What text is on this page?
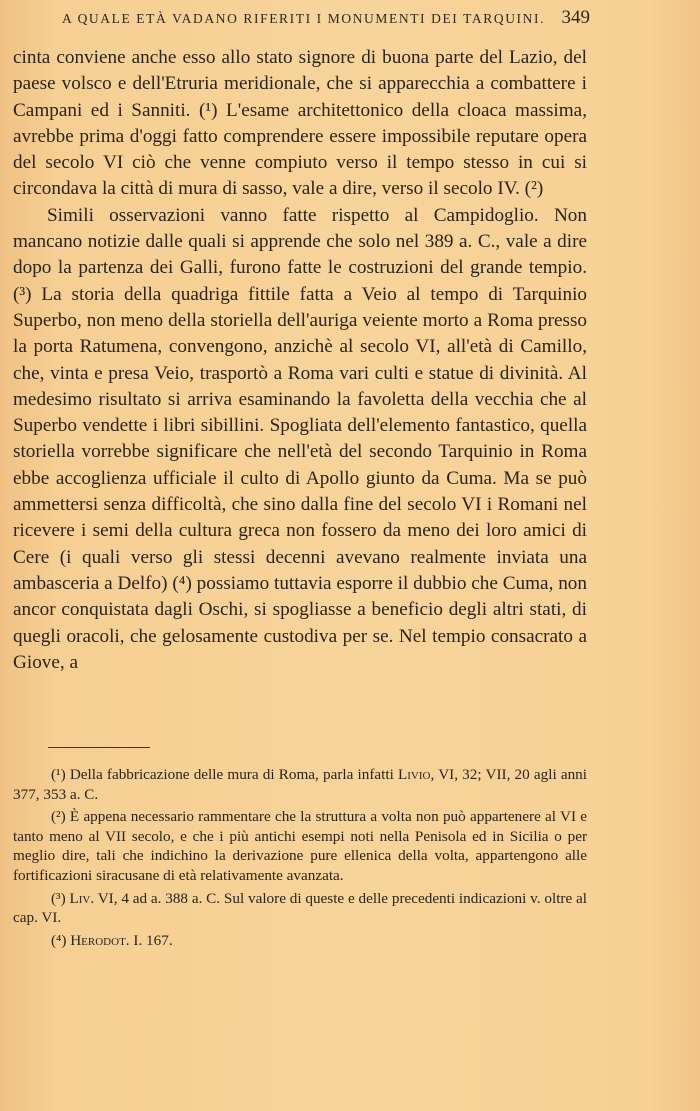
A QUALE ETÀ VADANO RIFERITI I MONUMENTI DEI TARQUINI. 349

cinta conviene anche esso allo stato signore di buona parte del Lazio, del paese volsco e dell'Etruria meridionale, che si apparecchia a combattere i Campani ed i Sanniti. (¹) L'esame architettonico della cloaca massima, avrebbe prima d'oggi fatto comprendere essere impossibile reputare opera del secolo VI ciò che venne compiuto verso il tempo stesso in cui si circondava la città di mura di sasso, vale a dire, verso il secolo IV. (²)

Simili osservazioni vanno fatte rispetto al Campidoglio. Non mancano notizie dalle quali si apprende che solo nel 389 a. C., vale a dire dopo la partenza dei Galli, furono fatte le costruzioni del grande tempio. (³) La storia della quadriga fittile fatta a Veio al tempo di Tarquinio Superbo, non meno della storiella dell'auriga veiente morto a Roma presso la porta Ratumena, convengono, anzichè al secolo VI, all'età di Camillo, che, vinta e presa Veio, trasportò a Roma vari culti e statue di divinità. Al medesimo risultato si arriva esaminando la favoletta della vecchia che al Superbo vendette i libri sibillini. Spogliata dell'elemento fantastico, quella storiella vorrebbe significare che nell'età del secondo Tarquinio in Roma ebbe accoglienza ufficiale il culto di Apollo giunto da Cuma. Ma se può ammettersi senza difficoltà, che sino dalla fine del secolo VI i Romani nel ricevere i semi della cultura greca non fossero da meno dei loro amici di Cere (i quali verso gli stessi decenni avevano realmente inviata una ambasceria a Delfo) (⁴) possiamo tuttavia esporre il dubbio che Cuma, non ancor conquistata dagli Oschi, si spogliasse a beneficio degli altri stati, di quegli oracoli, che gelosamente custodiva per se. Nel tempio consacrato a Giove, a

(¹) Della fabbricazione delle mura di Roma, parla infatti Livio, VI, 32; VII, 20 agli anni 377, 353 a. C.

(²) È appena necessario rammentare che la struttura a volta non può appartenere al VI e tanto meno al VII secolo, e che i più antichi esempi noti nella Penisola ed in Sicilia o per meglio dire, tali che indichino la derivazione pure ellenica della volta, appartengono alle fortificazioni siracusane di età relativamente avanzata.

(³) Liv. VI, 4 ad a. 388 a. C. Sul valore di queste e delle precedenti indicazioni v. oltre al cap. VI.

(⁴) Herodot. I. 167.
